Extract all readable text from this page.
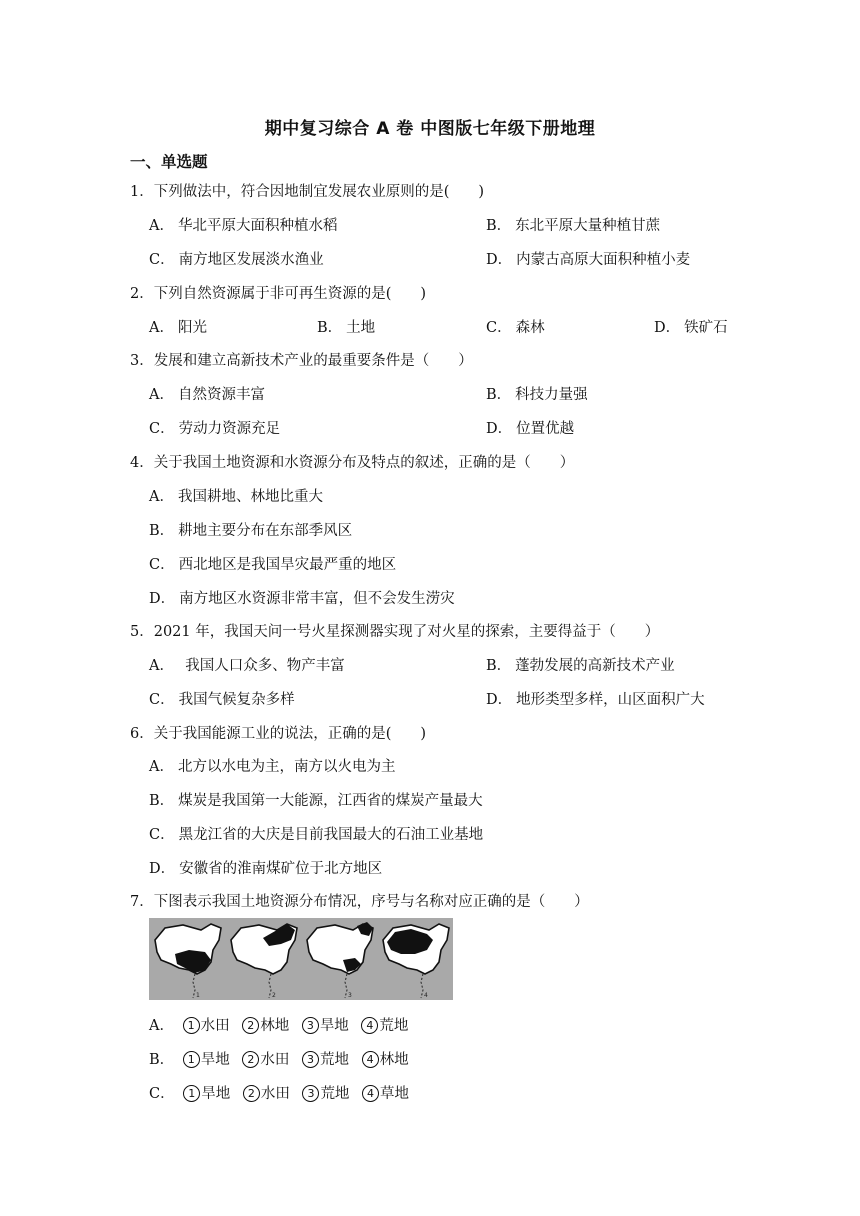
期中复习综合 A 卷 中图版七年级下册地理
一、单选题
1．下列做法中，符合因地制宜发展农业原则的是(　　)
A． 华北平原大面积种植水稻	B． 东北平原大量种植甘蔗
C． 南方地区发展淡水渔业	D． 内蒙古高原大面积种植小麦
2．下列自然资源属于非可再生资源的是(　　)
A． 阳光	B． 土地	C． 森林	D． 铁矿石
3．发展和建立高新技术产业的最重要条件是（　　）
A． 自然资源丰富	B． 科技力量强
C． 劳动力资源充足	D． 位置优越
4．关于我国土地资源和水资源分布及特点的叙述，正确的是（　　）
A． 我国耕地、林地比重大
B． 耕地主要分布在东部季风区
C． 西北地区是我国旱灾最严重的地区
D． 南方地区水资源非常丰富，但不会发生涝灾
5．2021 年，我国天问一号火星探测器实现了对火星的探索，主要得益于（　　）
A．　我国人口众多、物产丰富	B． 蓬勃发展的高新技术产业
C． 我国气候复杂多样	D． 地形类型多样，山区面积广大
6．关于我国能源工业的说法，正确的是(　　)
A． 北方以水电为主，南方以火电为主
B． 煤炭是我国第一大能源，江西省的煤炭产量最大
C． 黑龙江省的大庆是目前我国最大的石油工业基地
D． 安徽省的淮南煤矿位于北方地区
7．下图表示我国土地资源分布情况，序号与名称对应正确的是（　　）
1	2	3	4
A． 1 水田 2 林地 3 旱地 4 荒地
B． 1 旱地 2 水田 3 荒地 4 林地
C． 1 旱地 2 水田 3 荒地 4 草地
